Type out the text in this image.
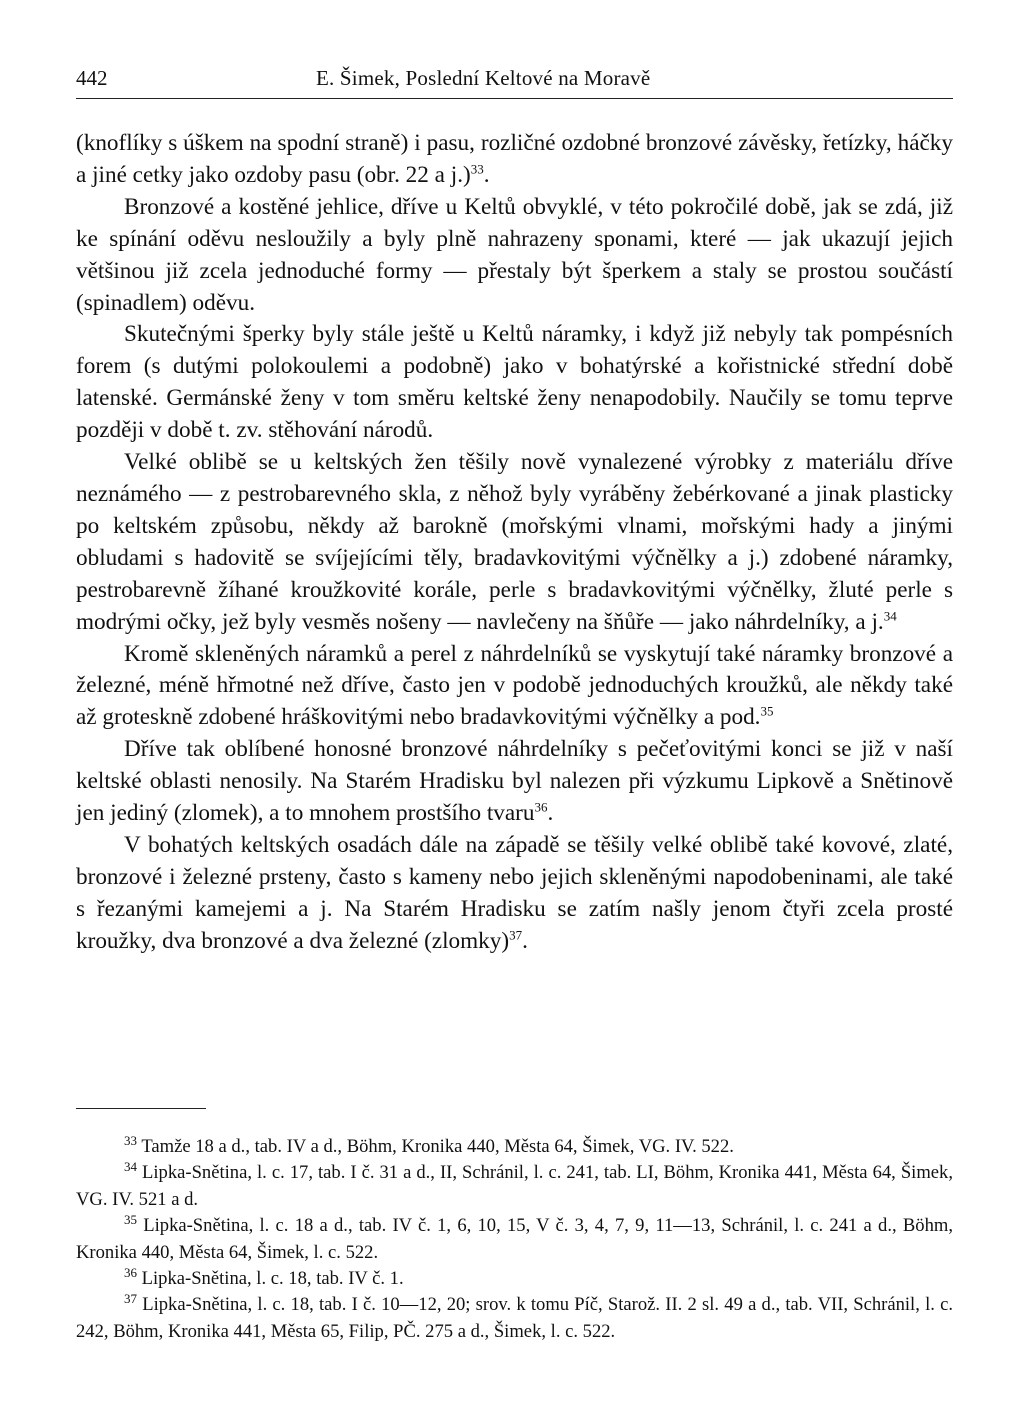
442	E. Šimek, Poslední Keltové na Moravě

(knoflíky s úškem na spodní straně) i pasu, rozličné ozdobné bronzové závěsky, řetízky, háčky a jiné cetky jako ozdoby pasu (obr. 22 a j.)$^{33}$.

Bronzové a kostěné jehlice, dříve u Keltů obvyklé, v této pokročilé době, jak se zdá, již ke spínání oděvu nesloužily a byly plně nahrazeny sponami, které — jak ukazují jejich většinou již zcela jednoduché formy — přestaly být šperkem a staly se prostou součástí (spinadlem) oděvu.

Skutečnými šperky byly stále ještě u Keltů náramky, i když již nebyly tak pompésních forem (s dutými polokoulemi a podobně) jako v bohatýrské a kořistnické střední době latenské. Germánské ženy v tom směru keltské ženy nenapodobily. Naučily se tomu teprve později v době t. zv. stěhování národů.

Velké oblibě se u keltských žen těšily nově vynalezené výrobky z materiálu dříve neznámého — z pestrobarevného skla, z něhož byly vyráběny žebérkované a jinak plasticky po keltském způsobu, někdy až barokně (mořskými vlnami, mořskými hady a jinými obludami s hadovitě se svíjejícími těly, bradavkovitými výčnělky a j.) zdobené náramky, pestrobarevně žíhané kroužkovité korále, perle s bradavkovitými výčnělky, žluté perle s modrými očky, jež byly vesměs nošeny — navlečeny na šňůře — jako náhrdelníky, a j.$^{34}$

Kromě skleněných náramků a perel z náhrdelníků se vyskytují také náramky bronzové a železné, méně hřmotné než dříve, často jen v podobě jednoduchých kroužků, ale někdy také až groteskně zdobené hráškovitými nebo bradavkovitými výčnělky a pod.$^{35}$

Dříve tak oblíbené honosné bronzové náhrdelníky s pečeťovitými konci se již v naší keltské oblasti nenosily. Na Starém Hradisku byl nalezen při výzkumu Lipkově a Snětinově jen jediný (zlomek), a to mnohem prostšího tvaru$^{36}$.

V bohatých keltských osadách dále na západě se těšily velké oblibě také kovové, zlaté, bronzové i železné prsteny, často s kameny nebo jejich skleněnými napodobeninami, ale také s řezanými kamejemi a j. Na Starém Hradisku se zatím našly jenom čtyři zcela prosté kroužky, dva bronzové a dva železné (zlomky)$^{37}$.

$^{33}$ Tamže 18 a d., tab. IV a d., Böhm, Kronika 440, Města 64, Šimek, VG. IV. 522.

$^{34}$ Lipka-Snětina, l. c. 17, tab. I č. 31 a d., II, Schránil, l. c. 241, tab. LI, Böhm, Kronika 441, Města 64, Šimek, VG. IV. 521 a d.

$^{35}$ Lipka-Snětina, l. c. 18 a d., tab. IV č. 1, 6, 10, 15, V č. 3, 4, 7, 9, 11—13, Schránil, l. c. 241 a d., Böhm, Kronika 440, Města 64, Šimek, l. c. 522.

$^{36}$ Lipka-Snětina, l. c. 18, tab. IV č. 1.

$^{37}$ Lipka-Snětina, l. c. 18, tab. I č. 10—12, 20; srov. k tomu Píč, Starož. II. 2 sl. 49 a d., tab. VII, Schránil, l. c. 242, Böhm, Kronika 441, Města 65, Filip, PČ. 275 a d., Šimek, l. c. 522.
